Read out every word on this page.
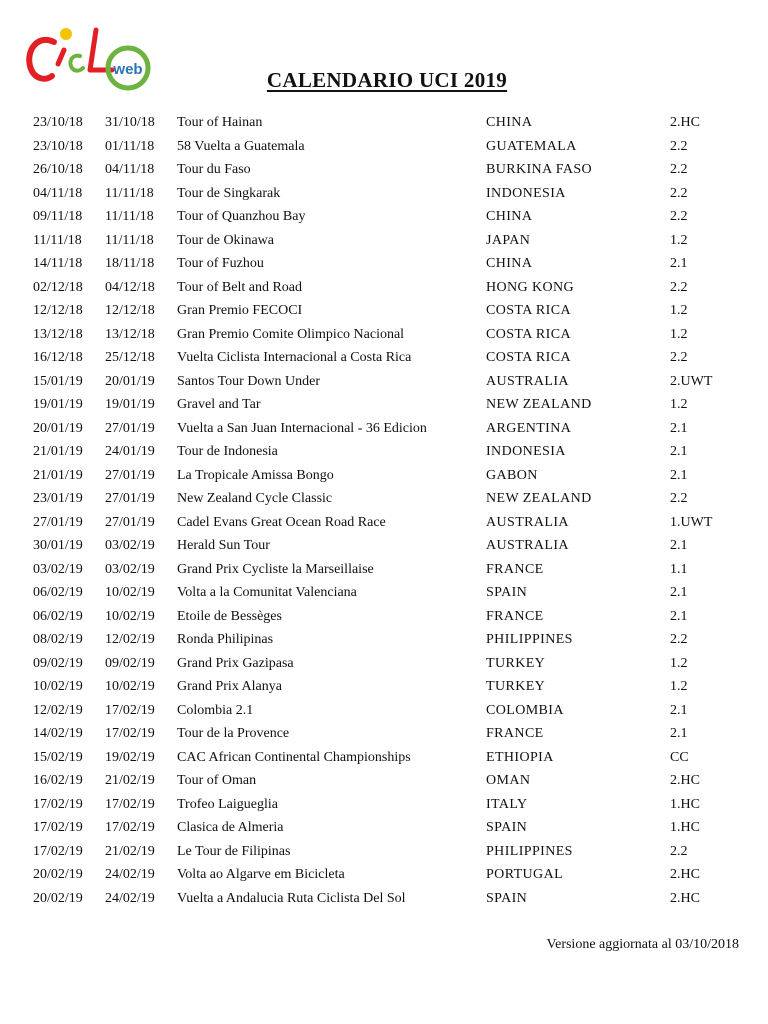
web	CALENDARIO UCI 2019
23/10/18 31/10/18 Tour of Hainan	CHINA	2.HC
23/10/18 01/11/18 58 Vuelta a Guatemala	GUATEMALA	2.2
26/10/18 04/11/18 Tour du Faso	BURKINA FASO	2.2
04/11/18 11/11/18 Tour de Singkarak	INDONESIA	2.2
09/11/18 11/11/18 Tour of Quanzhou Bay	CHINA	2.2
11/11/18 11/11/18 Tour de Okinawa	JAPAN	1.2
14/11/18 18/11/18 Tour of Fuzhou	CHINA	2.1
02/12/18 04/12/18 Tour of Belt and Road	HONG KONG	2.2
12/12/18 12/12/18 Gran Premio FECOCI	COSTA RICA	1.2
13/12/18 13/12/18 Gran Premio Comite Olimpico Nacional	COSTA RICA	1.2
16/12/18 25/12/18 Vuelta Ciclista Internacional a Costa Rica	COSTA RICA	2.2
15/01/19 20/01/19 Santos Tour Down Under	AUSTRALIA	2.UWT
19/01/19 19/01/19 Gravel and Tar	NEW ZEALAND	1.2
20/01/19 27/01/19 Vuelta a San Juan Internacional - 36 Edicion	ARGENTINA	2.1
21/01/19 24/01/19 Tour de Indonesia	INDONESIA	2.1
21/01/19 27/01/19 La Tropicale Amissa Bongo	GABON	2.1
23/01/19 27/01/19 New Zealand Cycle Classic	NEW ZEALAND	2.2
27/01/19 27/01/19 Cadel Evans Great Ocean Road Race	AUSTRALIA	1.UWT
30/01/19 03/02/19 Herald Sun Tour	AUSTRALIA	2.1
03/02/19 03/02/19 Grand Prix Cycliste la Marseillaise	FRANCE	1.1
06/02/19 10/02/19 Volta a la Comunitat Valenciana	SPAIN	2.1
06/02/19 10/02/19 Etoile de Bessèges	FRANCE	2.1
08/02/19 12/02/19 Ronda Philipinas	PHILIPPINES	2.2
09/02/19 09/02/19 Grand Prix Gazipasa	TURKEY	1.2
10/02/19 10/02/19 Grand Prix Alanya	TURKEY	1.2
12/02/19 17/02/19 Colombia 2.1	COLOMBIA	2.1
14/02/19 17/02/19 Tour de la Provence	FRANCE	2.1
15/02/19 19/02/19 CAC African Continental Championships	ETHIOPIA	CC
16/02/19 21/02/19 Tour of Oman	OMAN	2.HC
17/02/19 17/02/19 Trofeo Laigueglia	ITALY	1.HC
17/02/19 17/02/19 Clasica de Almeria	SPAIN	1.HC
17/02/19 21/02/19 Le Tour de Filipinas	PHILIPPINES	2.2
20/02/19 24/02/19 Volta ao Algarve em Bicicleta	PORTUGAL	2.HC
20/02/19 24/02/19 Vuelta a Andalucia Ruta Ciclista Del Sol	SPAIN	2.HC
Versione aggiornata al 03/10/2018
